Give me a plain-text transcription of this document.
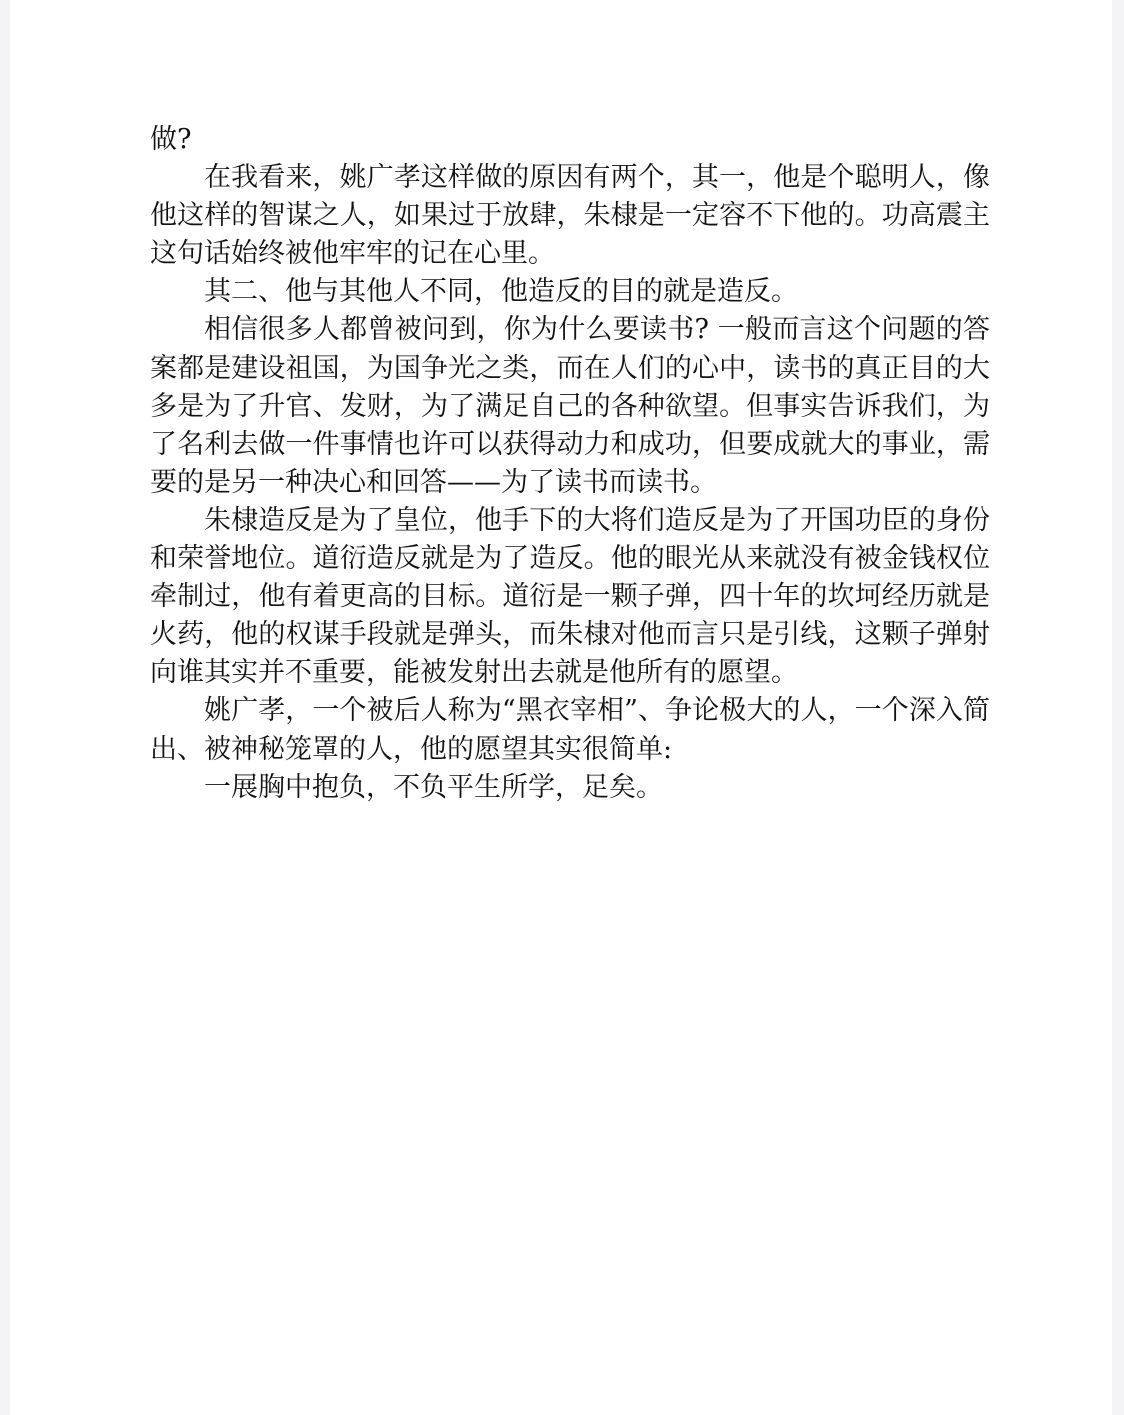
做?

在我看来，姚广孝这样做的原因有两个，其一，他是个聪明人，像他这样的智谋之人，如果过于放肆，朱棣是一定容不下他的。功高震主这句话始终被他牢牢的记在心里。

其二、他与其他人不同，他造反的目的就是造反。

相信很多人都曾被问到，你为什么要读书? 一般而言这个问题的答案都是建设祖国，为国争光之类，而在人们的心中，读书的真正目的大多是为了升官、发财，为了满足自己的各种欲望。但事实告诉我们，为了名利去做一件事情也许可以获得动力和成功，但要成就大的事业，需要的是另一种决心和回答——为了读书而读书。

朱棣造反是为了皇位，他手下的大将们造反是为了开国功臣的身份和荣誉地位。道衍造反就是为了造反。他的眼光从来就没有被金钱权位牵制过，他有着更高的目标。道衍是一颗子弹，四十年的坎坷经历就是火药，他的权谋手段就是弹头，而朱棣对他而言只是引线，这颗子弹射向谁其实并不重要，能被发射出去就是他所有的愿望。

姚广孝，一个被后人称为“黑衣宰相”、争论极大的人，一个深入简出、被神秘笼罩的人，他的愿望其实很简单:

一展胸中抱负，不负平生所学，足矣。
